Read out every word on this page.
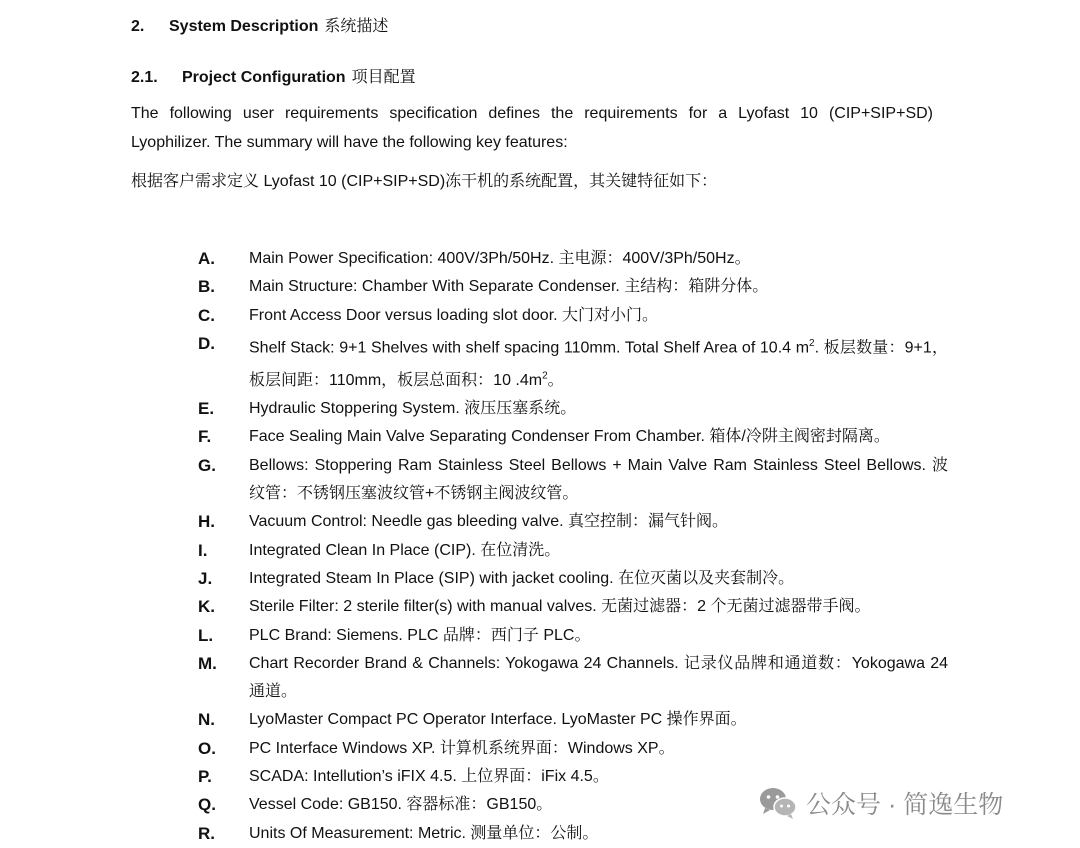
2. System Description 系统描述
2.1. Project Configuration 项目配置
The following user requirements specification defines the requirements for a Lyofast 10 (CIP+SIP+SD)
Lyophilizer. The summary will have the following key features:
根据客户需求定义 Lyofast 10 (CIP+SIP+SD)冻干机的系统配置，其关键特征如下：
A. Main Power Specification: 400V/3Ph/50Hz. 主电源：400V/3Ph/50Hz。
B. Main Structure: Chamber With Separate Condenser. 主结构：箱阱分体。
C. Front Access Door versus loading slot door. 大门对小门。
D. Shelf Stack: 9+1 Shelves with shelf spacing 110mm. Total Shelf Area of 10.4 $m^2$. 板层数量：9+1，
板层间距：110mm，板层总面积：10 $.4m^2$。
E. Hydraulic Stoppering System. 液压压塞系统。
F. Face Sealing Main Valve Separating Condenser From Chamber. 箱体/冷阱主阀密封隔离。
G. Bellows: Stoppering Ram Stainless Steel Bellows + Main Valve Ram Stainless Steel Bellows. 波
纹管：不锈钢压塞波纹管+不锈钢主阀波纹管。
H. Vacuum Control: Needle gas bleeding valve. 真空控制：漏气针阀。
I.	Integrated Clean In Place (CIP). 在位清洗。
J. Integrated Steam In Place (SIP) with jacket cooling. 在位灭菌以及夹套制冷。
K. Sterile Filter: 2 sterile filter(s) with manual valves. 无菌过滤器：2 个无菌过滤器带手阀。
L. PLC Brand: Siemens. PLC 品牌：西门子 PLC。
M. Chart Recorder Brand & Channels: Yokogawa 24 Channels. 记录仪品牌和通道数：Yokogawa 24
通道。
N. LyoMaster Compact PC Operator Interface. LyoMaster PC 操作界面。
O. PC Interface Windows XP. 计算机系统界面：Windows XP。
P. SCADA: Intellution’s iFIX 4.5. 上位界面：iFix 4.5。
Q. Vessel Code: GB150. 容器标准：GB150。
R. Units Of Measurement: Metric. 测量单位：公制。
公众号 · 简逸生物
